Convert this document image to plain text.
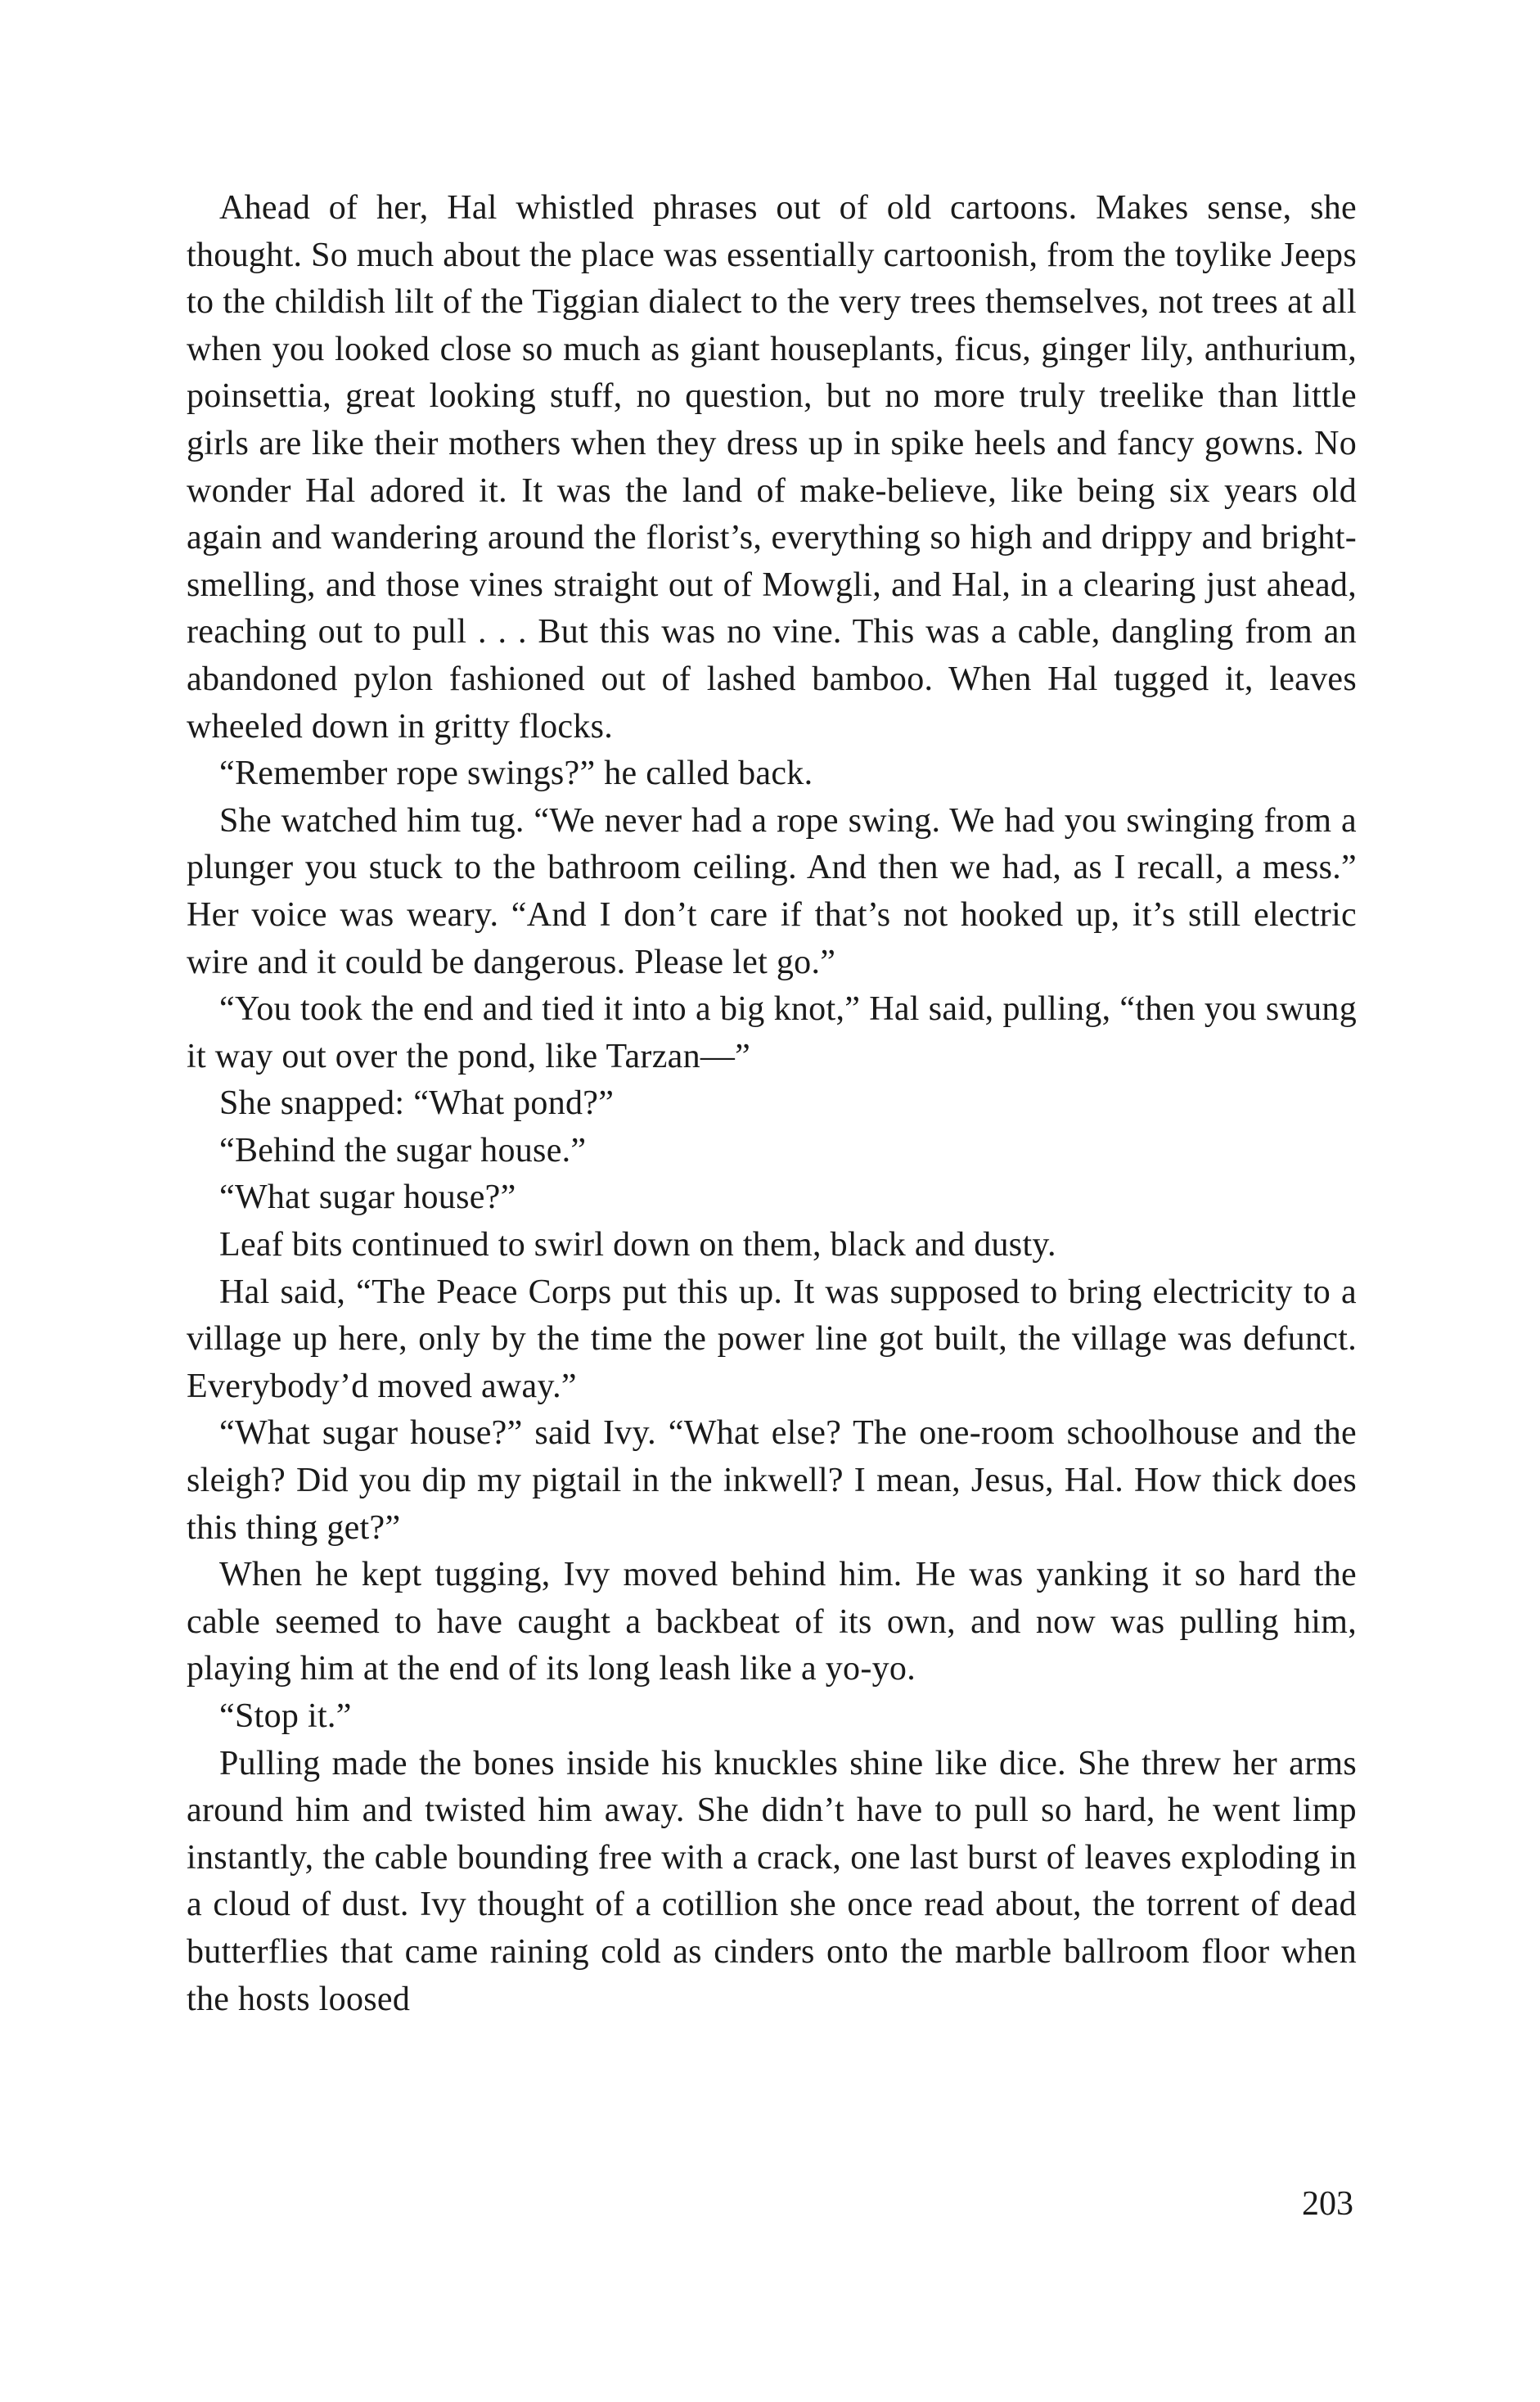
Ahead of her, Hal whistled phrases out of old cartoons. Makes sense, she thought. So much about the place was essentially cartoonish, from the toylike Jeeps to the childish lilt of the Tiggian dialect to the very trees themselves, not trees at all when you looked close so much as giant houseplants, ficus, ginger lily, anthurium, poinsettia, great looking stuff, no question, but no more truly treelike than little girls are like their mothers when they dress up in spike heels and fancy gowns. No wonder Hal adored it. It was the land of make-believe, like being six years old again and wandering around the florist’s, everything so high and drippy and bright-smelling, and those vines straight out of Mowgli, and Hal, in a clearing just ahead, reaching out to pull . . . But this was no vine. This was a cable, dangling from an abandoned pylon fashioned out of lashed bamboo. When Hal tugged it, leaves wheeled down in gritty flocks.

“Remember rope swings?” he called back.

She watched him tug. “We never had a rope swing. We had you swinging from a plunger you stuck to the bathroom ceiling. And then we had, as I recall, a mess.” Her voice was weary. “And I don’t care if that’s not hooked up, it’s still electric wire and it could be dangerous. Please let go.”

“You took the end and tied it into a big knot,” Hal said, pulling, “then you swung it way out over the pond, like Tarzan—”

She snapped: “What pond?”

“Behind the sugar house.”

“What sugar house?”

Leaf bits continued to swirl down on them, black and dusty.

Hal said, “The Peace Corps put this up. It was supposed to bring electricity to a village up here, only by the time the power line got built, the village was defunct. Everybody’d moved away.”

“What sugar house?” said Ivy. “What else? The one-room schoolhouse and the sleigh? Did you dip my pigtail in the inkwell? I mean, Jesus, Hal. How thick does this thing get?”

When he kept tugging, Ivy moved behind him. He was yanking it so hard the cable seemed to have caught a backbeat of its own, and now was pulling him, playing him at the end of its long leash like a yo-yo.

“Stop it.”

Pulling made the bones inside his knuckles shine like dice. She threw her arms around him and twisted him away. She didn’t have to pull so hard, he went limp instantly, the cable bounding free with a crack, one last burst of leaves exploding in a cloud of dust. Ivy thought of a cotillion she once read about, the torrent of dead butterflies that came raining cold as cinders onto the marble ballroom floor when the hosts loosed

203
